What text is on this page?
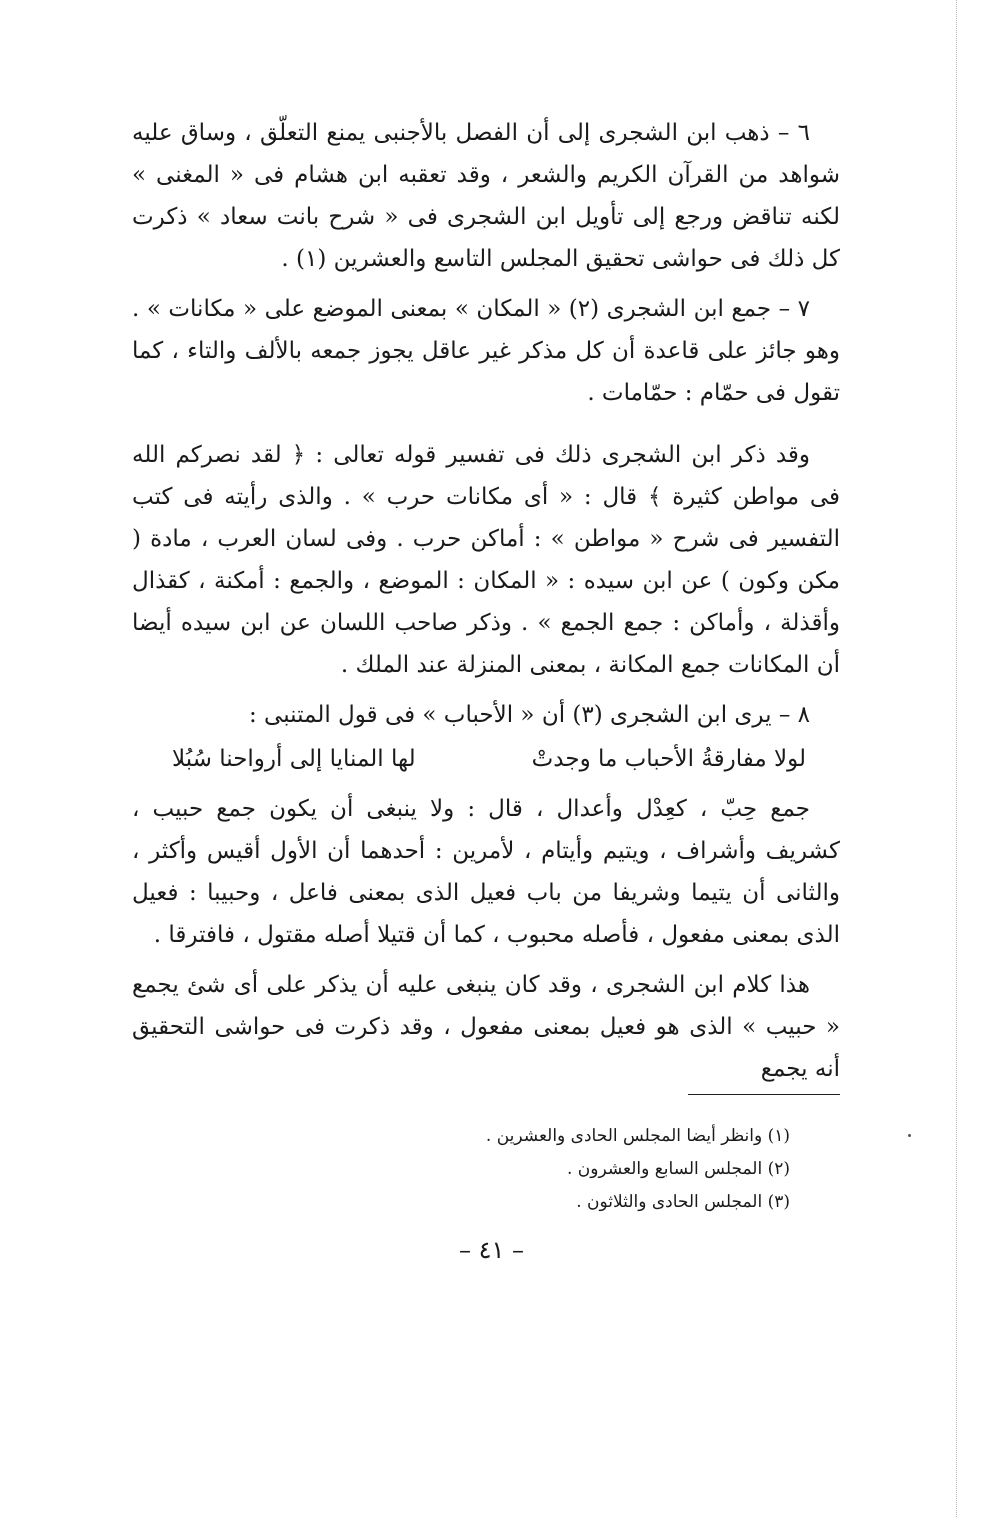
٦ – ذهب ابن الشجرى إلى أن الفصل بالأجنبى يمنع التعلّق ، وساق عليه شواهد من القرآن الكريم والشعر ، وقد تعقبه ابن هشام فى « المغنى » لكنه تناقض ورجع إلى تأويل ابن الشجرى فى « شرح بانت سعاد » ذكرت كل ذلك فى حواشى تحقيق المجلس التاسع والعشرين (١) .

٧ – جمع ابن الشجرى (٢) « المكان » بمعنى الموضع على « مكانات » . وهو جائز على قاعدة أن كل مذكر غير عاقل يجوز جمعه بالألف والتاء ، كما تقول فى حمّام : حمّامات .

وقد ذكر ابن الشجرى ذلك فى تفسير قوله تعالى : ﴿ لقد نصركم الله فى مواطن كثيرة ﴾ قال : « أى مكانات حرب » . والذى رأيته فى كتب التفسير فى شرح « مواطن » : أماكن حرب . وفى لسان العرب ، مادة ( مكن وكون ) عن ابن سيده : « المكان : الموضع ، والجمع : أمكنة ، كقذال وأقذلة ، وأماكن : جمع الجمع » . وذكر صاحب اللسان عن ابن سيده أيضا أن المكانات جمع المكانة ، بمعنى المنزلة عند الملك .

٨ – يرى ابن الشجرى (٣) أن « الأحباب » فى قول المتنبى :

لولا مفارقةُ الأحباب ما وجدتْ
لها المنايا إلى أرواحنا سُبُلا

جمع حِبّ ، كعِدْل وأعدال ، قال : ولا ينبغى أن يكون جمع حبيب ، كشريف وأشراف ، ويتيم وأيتام ، لأمرين : أحدهما أن الأول أقيس وأكثر ، والثانى أن يتيما وشريفا من باب فعيل الذى بمعنى فاعل ، وحبيبا : فعيل الذى بمعنى مفعول ، فأصله محبوب ، كما أن قتيلا أصله مقتول ، فافترقا .

هذا كلام ابن الشجرى ، وقد كان ينبغى عليه أن يذكر على أى شئ يجمع « حبيب » الذى هو فعيل بمعنى مفعول ، وقد ذكرت فى حواشى التحقيق أنه يجمع

(١) وانظر أيضا المجلس الحادى والعشرين .
(٢) المجلس السابع والعشرون .
(٣) المجلس الحادى والثلاثون .
– ٤١ –
